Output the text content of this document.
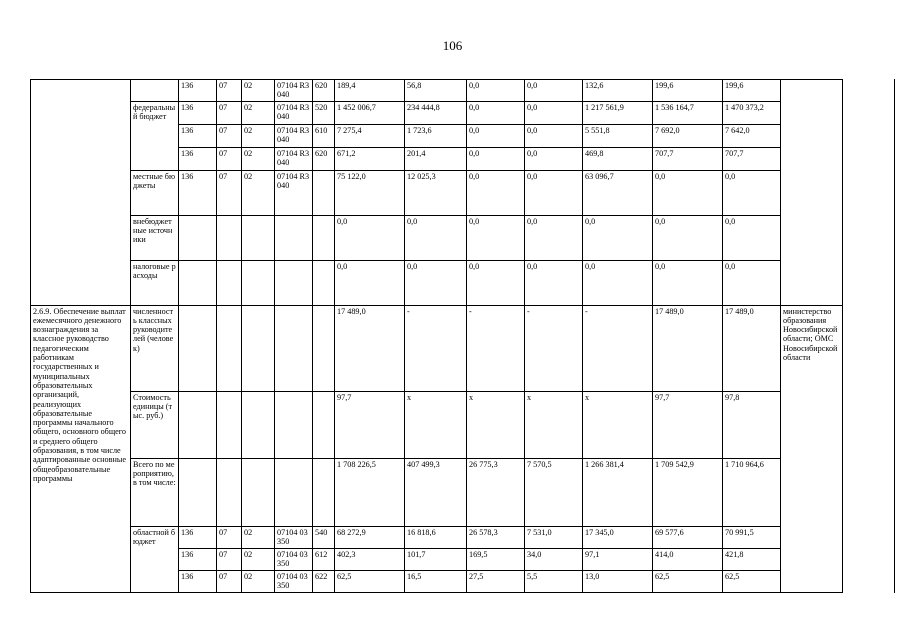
106
		136	07	02	07104 R3040	620	189,4	56,8	0,0	0,0	132,6	199,6	199,6			
	федеральный бюджет	136	07	02	07104 R3040	520	1 452 006,7	234 444,8	0,0	0,0	1 217 561,9	1 536 164,7	1 470 373,2			
		136	07	02	07104 R3040	610	7 275,4	1 723,6	0,0	0,0	5 551,8	7 692,0	7 642,0			
		136	07	02	07104 R3040	620	671,2	201,4	0,0	0,0	469,8	707,7	707,7			
	местные бюджеты	136	07	02	07104 R3040		75 122,0	12 025,3	0,0	0,0	63 096,7	0,0	0,0			
	внебюджетные источники						0,0	0,0	0,0	0,0	0,0	0,0	0,0			
	налоговые расходы						0,0	0,0	0,0	0,0	0,0	0,0	0,0			
2.6.9. Обеспечение выплат ежемесячного денежного вознаграждения за классное руководство педагогическим работникам государственных и муниципальных образовательных организаций, реализующих образовательные программы начального общего, основного общего и среднего общего образования, в том числе адаптированные основные общеобразовательные программы	численность классных руководителей (человек)						17 489,0	-	-	-	-	17 489,0	17 489,0	министерство образования Новосибирской области; ОМС Новосибирской области	
	Стоимость единицы (тыс. руб.)						97,7	х	х	х	х	97,7	97,8			
	Всего по мероприятию, в том числе:						1 708 226,5	407 499,3	26 775,3	7 570,5	1 266 381,4	1 709 542,9	1 710 964,6			
	областной бюджет	136	07	02	07104 03350	540	68 272,9	16 818,6	26 578,3	7 531,0	17 345,0	69 577,6	70 991,5			
		136	07	02	07104 03350	612	402,3	101,7	169,5	34,0	97,1	414,0	421,8			
		136	07	02	07104 03350	622	62,5	16,5	27,5	5,5	13,0	62,5	62,5			
